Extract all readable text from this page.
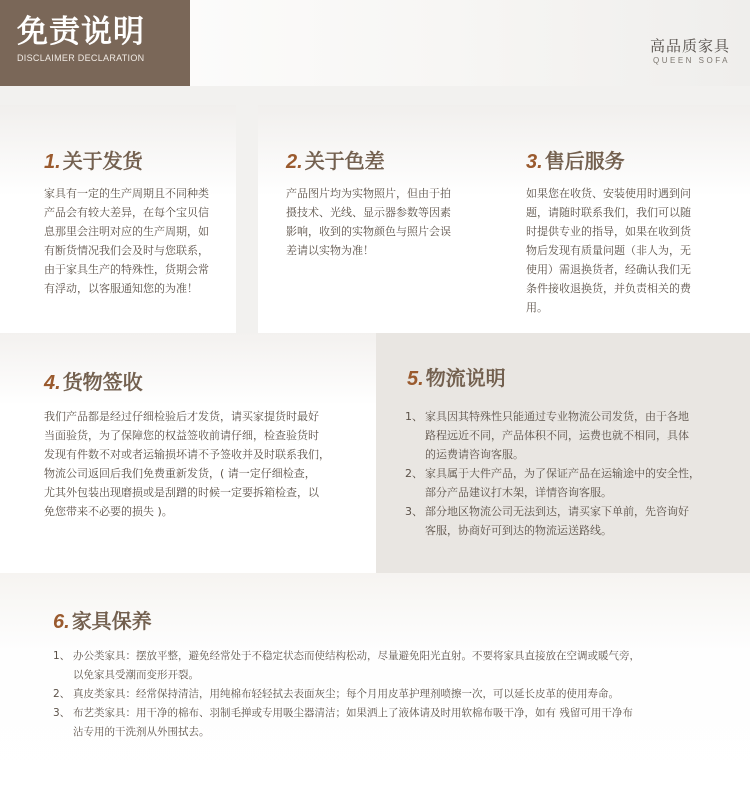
免责说明
DISCLAIMER DECLARATION
高品质家具
QUEEN SOFA
1. 关于发货
家具有一定的生产周期且不同种类
产品会有较大差异，在每个宝贝信
息那里会注明对应的生产周期，如
有断货情况我们会及时与您联系，
由于家具生产的特殊性，货期会常
有浮动，以客服通知您的为准！
2. 关于色差
产品图片均为实物照片，但由于拍
摄技术、光线、显示器参数等因素
影响，收到的实物颜色与照片会误
差请以实物为准！
3. 售后服务
如果您在收货、安装使用时遇到问
题，请随时联系我们，我们可以随
时提供专业的指导，如果在收到货
物后发现有质量问题（非人为，无
使用）需退换货者，经确认我们无
条件接收退换货，并负责相关的费
用。
4. 货物签收
我们产品都是经过仔细检验后才发货，请买家提货时最好
当面验货，为了保障您的权益签收前请仔细，检查验货时
发现有件数不对或者运输损坏请不予签收并及时联系我们，
物流公司返回后我们免费重新发货，( 请一定仔细检查，
尤其外包装出现磨损或是刮蹭的时候一定要拆箱检查，以
免您带来不必要的损失 )。
5. 物流说明
1、 家具因其特殊性只能通过专业物流公司发货，由于各地
路程远近不同，产品体积不同，运费也就不相同，具体
的运费请咨询客服。
2、 家具属于大件产品，为了保证产品在运输途中的安全性，
部分产品建议打木架，详情咨询客服。
3、 部分地区物流公司无法到达，请买家下单前，先咨询好
客服，协商好可到达的物流运送路线。
6. 家具保养
1、 办公类家具：摆放平整，避免经常处于不稳定状态而使结构松动，尽量避免阳光直射。不要将家具直接放在空调或暖气旁，
以免家具受潮而变形开裂。
2、 真皮类家具：经常保持清洁，用纯棉布轻轻拭去表面灰尘；每个月用皮革护理剂喷擦一次，可以延长皮革的使用寿命。
3、 布艺类家具：用干净的棉布、羽制毛掸或专用吸尘器清洁；如果洒上了液体请及时用软棉布吸干净，如有 残留可用干净布
沾专用的干洗剂从外围拭去。
